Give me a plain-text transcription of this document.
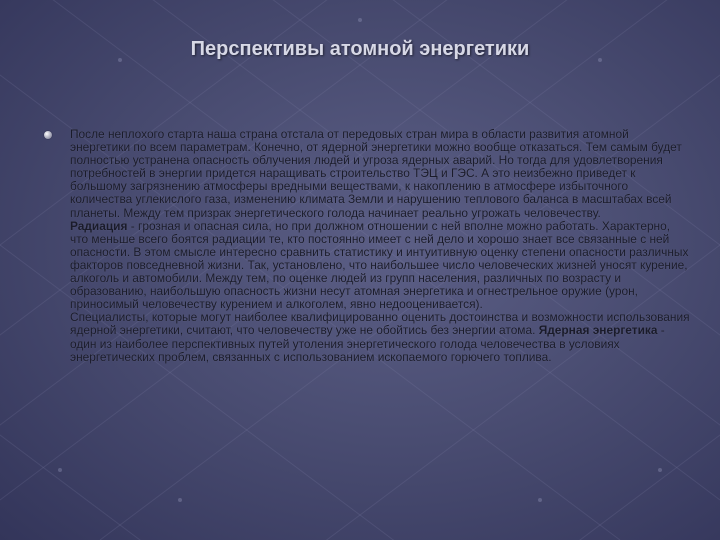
Перспективы атомной энергетики

После неплохого старта наша страна отстала от передовых стран мира в области развития атомной энергетики по всем параметрам. Конечно, от ядерной энергетики можно вообще отказаться. Тем самым будет полностью устранена опасность облучения людей и угроза ядерных аварий. Но тогда для удовлетворения потребностей в энергии придется наращивать строительство ТЭЦ и ГЭС. А это неизбежно приведет к большому загрязнению атмосферы вредными веществами, к накоплению в атмосфере избыточного количества углекислого газа, изменению климата Земли и нарушению теплового баланса в масштабах всей планеты. Между тем призрак энергетического голода начинает реально угрожать человечеству.

Радиация - грозная и опасная сила, но при должном отношении с ней вполне можно работать. Характерно, что меньше всего боятся радиации те, кто постоянно имеет с ней дело и хорошо знает все связанные с ней опасности. В этом смысле интересно сравнить статистику и интуитивную оценку степени опасности различных факторов повседневной жизни. Так, установлено, что наибольшее число человеческих жизней уносят курение, алкоголь и автомобили. Между тем, по оценке людей из групп населения, различных по возрасту и образованию, наибольшую опасность жизни несут атомная энергетика и огнестрельное оружие (урон, приносимый человечеству курением и алкоголем, явно недооценивается).

Специалисты, которые могут наиболее квалифицированно оценить достоинства и возможности использования ядерной энергетики, считают, что человечеству уже не обойтись без энергии атома. Ядерная энергетика - один из наиболее перспективных путей утоления энергетического голода человечества в условиях энергетических проблем, связанных с использованием ископаемого горючего топлива.
